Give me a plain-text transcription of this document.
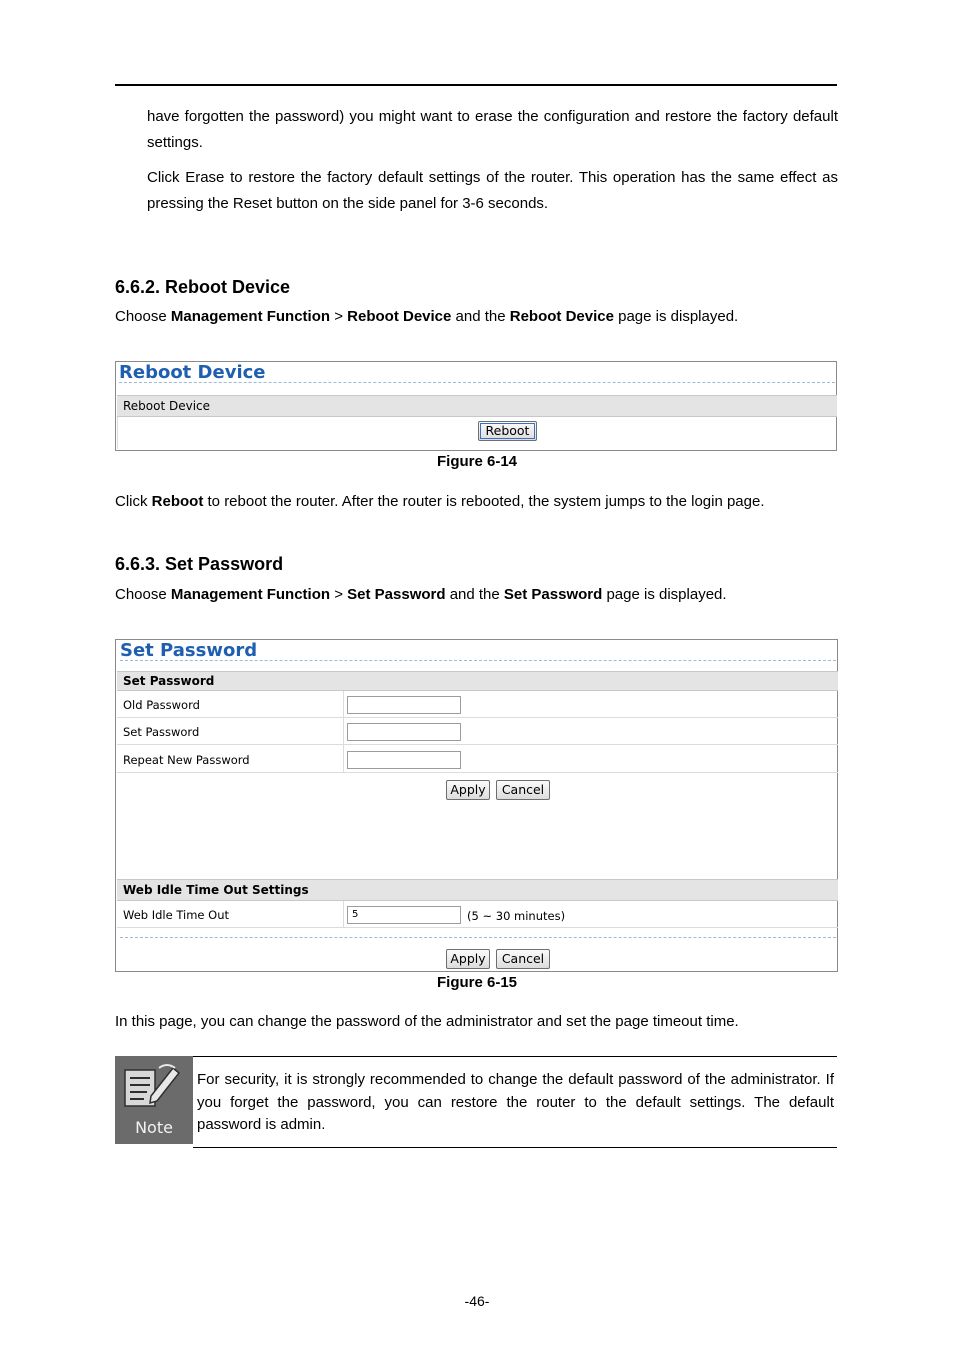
have forgotten the password) you might want to erase the configuration and restore the factory default settings.
Click Erase to restore the factory default settings of the router. This operation has the same effect as pressing the Reset button on the side panel for 3-6 seconds.
6.6.2. Reboot Device
Choose Management Function > Reboot Device and the Reboot Device page is displayed.
Reboot Device
Reboot Device
Reboot
Figure 6-14
Click Reboot to reboot the router. After the router is rebooted, the system jumps to the login page.
6.6.3. Set Password
Choose Management Function > Set Password and the Set Password page is displayed.
Set Password
Set Password
Old Password
Set Password
Repeat New Password
Apply	Cancel
Web Idle Time Out Settings
Web Idle Time Out	5	(5 ~ 30 minutes)
Apply	Cancel
Figure 6-15
In this page, you can change the password of the administrator and set the page timeout time.
Note
For security, it is strongly recommended to change the default password of the administrator. If you forget the password, you can restore the router to the default settings. The default password is admin.
-46-
